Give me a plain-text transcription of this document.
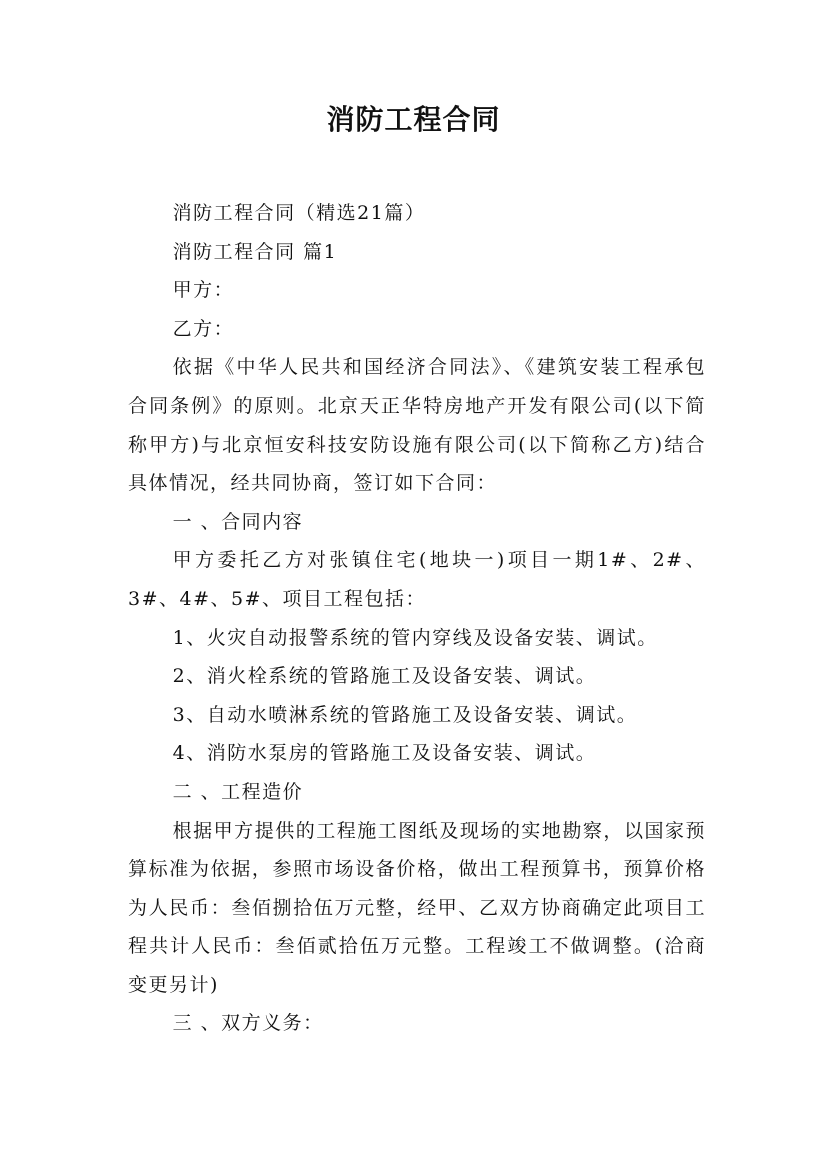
消防工程合同

消防工程合同（精选21篇）

消防工程合同 篇1

甲方：

乙方：

依据《中华人民共和国经济合同法》、《建筑安装工程承包合同条例》的原则。北京天正华特房地产开发有限公司(以下简称甲方)与北京恒安科技安防设施有限公司(以下简称乙方)结合具体情况，经共同协商，签订如下合同：

一 、合同内容

甲方委托乙方对张镇住宅(地块一)项目一期1#、2#、3#、4#、5#、项目工程包括：

1、火灾自动报警系统的管内穿线及设备安装、调试。

2、消火栓系统的管路施工及设备安装、调试。

3、自动水喷淋系统的管路施工及设备安装、调试。

4、消防水泵房的管路施工及设备安装、调试。

二 、工程造价

根据甲方提供的工程施工图纸及现场的实地勘察，以国家预算标准为依据，参照市场设备价格，做出工程预算书，预算价格为人民币：叁佰捌拾伍万元整，经甲、乙双方协商确定此项目工程共计人民币：叁佰贰拾伍万元整。工程竣工不做调整。(洽商变更另计)

三 、双方义务：
